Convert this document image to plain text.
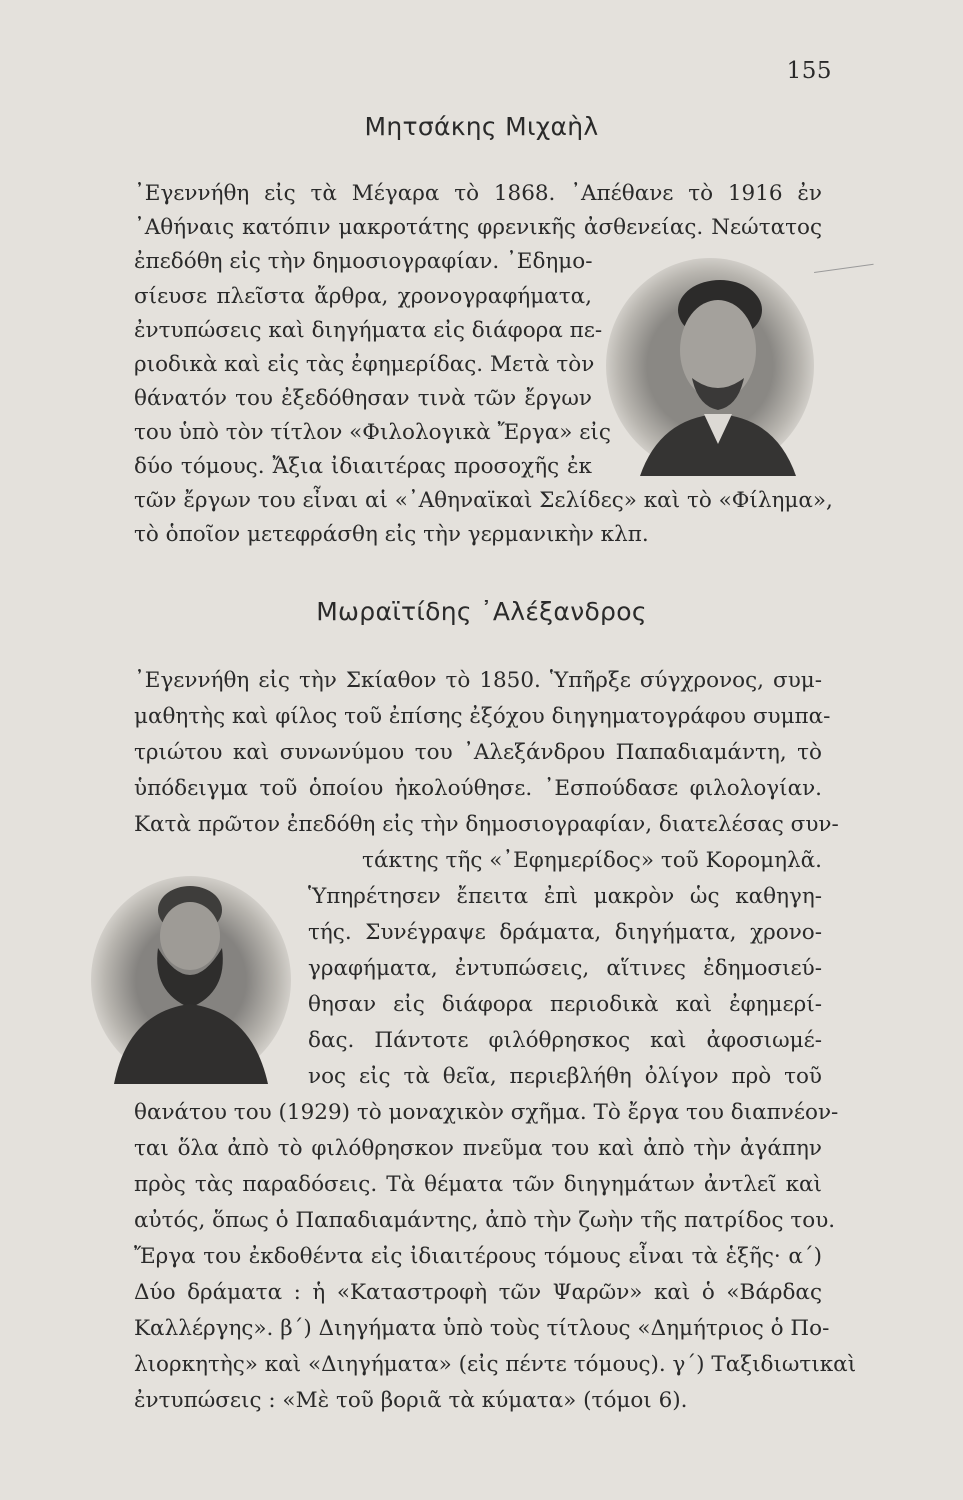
155
Μητσάκης Μιχαὴλ
᾿Εγεννήθη εἰς τὰ Μέγαρα τὸ 1868. ᾿Απέθανε τὸ 1916 ἐν
᾿Αθήναις κατόπιν μακροτάτης φρενικῆς ἀσθενείας. Νεώτατος
ἐπεδόθη εἰς τὴν δημοσιογραφίαν. ᾿Εδημο-
σίευσε πλεῖστα ἄρθρα, χρονογραφήματα,
ἐντυπώσεις καὶ διηγήματα εἰς διάφορα πε-
ριοδικὰ καὶ εἰς τὰς ἐφημερίδας. Μετὰ τὸν
θάνατόν του ἐξεδόθησαν τινὰ τῶν ἔργων
του ὑπὸ τὸν τίτλον «Φιλολογικὰ Ἔργα» εἰς
δύο τόμους. Ἄξια ἰδιαιτέρας προσοχῆς ἐκ
τῶν ἔργων του εἶναι αἱ «᾿Αθηναϊκαὶ Σελίδες» καὶ τὸ «Φίλημα»,
τὸ ὁποῖον μετεφράσθη εἰς τὴν γερμανικὴν κλπ.
Μωραϊτίδης ᾿Αλέξανδρος
᾿Εγεννήθη εἰς τὴν Σκίαθον τὸ 1850. Ὑπῆρξε σύγχρονος, συμ-
μαθητὴς καὶ φίλος τοῦ ἐπίσης ἐξόχου διηγηματογράφου συμπα-
τριώτου καὶ συνωνύμου του ᾿Αλεξάνδρου Παπαδιαμάντη, τὸ
ὑπόδειγμα τοῦ ὁποίου ἠκολούθησε. ᾿Εσπούδασε φιλολογίαν.
Κατὰ πρῶτον ἐπεδόθη εἰς τὴν δημοσιογραφίαν, διατελέσας συν-
τάκτης τῆς «᾿Εφημερίδος» τοῦ Κορομηλᾶ.
Ὑπηρέτησεν ἔπειτα ἐπὶ μακρὸν ὡς καθηγη-
τής. Συνέγραψε δράματα, διηγήματα, χρονο-
γραφήματα, ἐντυπώσεις, αἵτινες ἐδημοσιεύ-
θησαν εἰς διάφορα περιοδικὰ καὶ ἐφημερί-
δας. Πάντοτε φιλόθρησκος καὶ ἀφοσιωμέ-
νος εἰς τὰ θεῖα, περιεβλήθη ὀλίγον πρὸ τοῦ
θανάτου του (1929) τὸ μοναχικὸν σχῆμα. Τὸ ἔργα του διαπνέον-
ται ὅλα ἀπὸ τὸ φιλόθρησκον πνεῦμα του καὶ ἀπὸ τὴν ἀγάπην
πρὸς τὰς παραδόσεις. Τὰ θέματα τῶν διηγημάτων ἀντλεῖ καὶ
αὐτός, ὅπως ὁ Παπαδιαμάντης, ἀπὸ τὴν ζωὴν τῆς πατρίδος του.
Ἔργα του ἐκδοθέντα εἰς ἰδιαιτέρους τόμους εἶναι τὰ ἑξῆς· α΄)
Δύο δράματα : ἡ «Καταστροφὴ τῶν Ψαρῶν» καὶ ὁ «Βάρδας
Καλλέργης». β΄) Διηγήματα ὑπὸ τοὺς τίτλους «Δημήτριος ὁ Πο-
λιορκητὴς» καὶ «Διηγήματα» (εἰς πέντε τόμους). γ΄) Ταξιδιωτικαὶ
ἐντυπώσεις : «Μὲ τοῦ βοριᾶ τὰ κύματα» (τόμοι 6).
